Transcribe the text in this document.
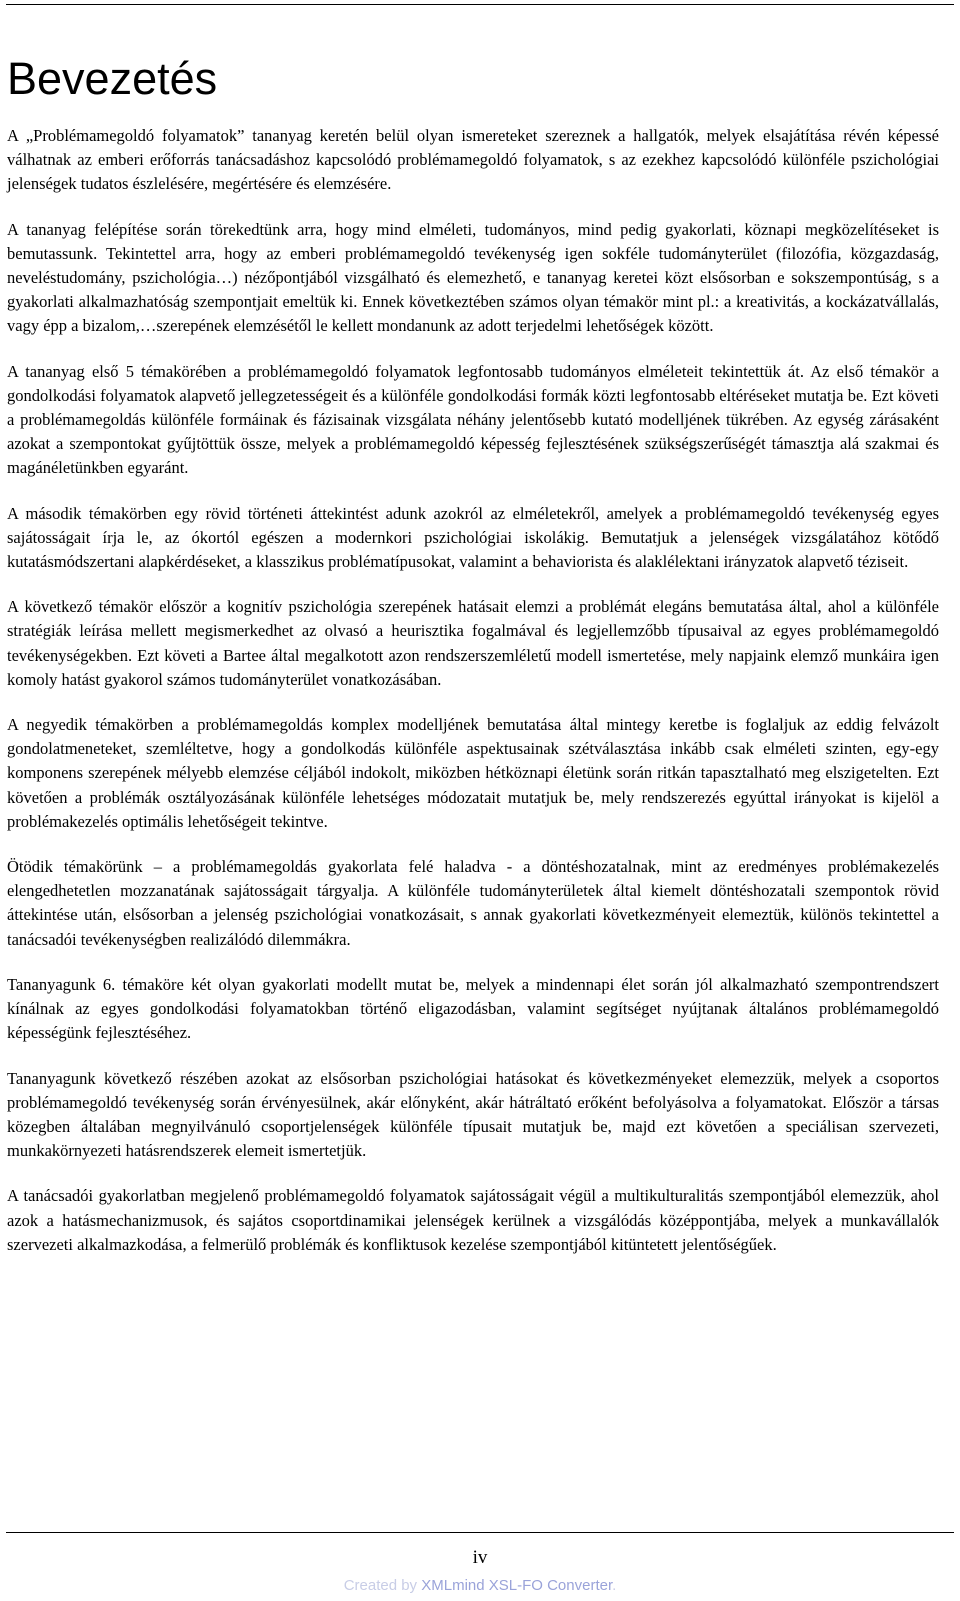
Bevezetés

A „Problémamegoldó folyamatok” tananyag keretén belül olyan ismereteket szereznek a hallgatók, melyek elsajátítása révén képessé válhatnak az emberi erőforrás tanácsadáshoz kapcsolódó problémamegoldó folyamatok, s az ezekhez kapcsolódó különféle pszichológiai jelenségek tudatos észlelésére, megértésére és elemzésére.

A tananyag felépítése során törekedtünk arra, hogy mind elméleti, tudományos, mind pedig gyakorlati, köznapi megközelítéseket is bemutassunk. Tekintettel arra, hogy az emberi problémamegoldó tevékenység igen sokféle tudományterület (filozófia, közgazdaság, neveléstudomány, pszichológia…) nézőpontjából vizsgálható és elemezhető, e tananyag keretei közt elsősorban e sokszempontúság, s a gyakorlati alkalmazhatóság szempontjait emeltük ki. Ennek következtében számos olyan témakör mint pl.: a kreativitás, a kockázatvállalás, vagy épp a bizalom,…szerepének elemzésétől le kellett mondanunk az adott terjedelmi lehetőségek között.

A tananyag első 5 témakörében a problémamegoldó folyamatok legfontosabb tudományos elméleteit tekintettük át. Az első témakör a gondolkodási folyamatok alapvető jellegzetességeit és a különféle gondolkodási formák közti legfontosabb eltéréseket mutatja be. Ezt követi a problémamegoldás különféle formáinak és fázisainak vizsgálata néhány jelentősebb kutató modelljének tükrében. Az egység zárásaként azokat a szempontokat gyűjtöttük össze, melyek a problémamegoldó képesség fejlesztésének szükségszerűségét támasztja alá szakmai és magánéletünkben egyaránt.

A második témakörben egy rövid történeti áttekintést adunk azokról az elméletekről, amelyek a problémamegoldó tevékenység egyes sajátosságait írja le, az ókortól egészen a modernkori pszichológiai iskolákig. Bemutatjuk a jelenségek vizsgálatához kötődő kutatásmódszertani alapkérdéseket, a klasszikus problématípusokat, valamint a behaviorista és alaklélektani irányzatok alapvető téziseit.

A következő témakör először a kognitív pszichológia szerepének hatásait elemzi a problémát elegáns bemutatása által, ahol a különféle stratégiák leírása mellett megismerkedhet az olvasó a heurisztika fogalmával és legjellemzőbb típusaival az egyes problémamegoldó tevékenységekben. Ezt követi a Bartee által megalkotott azon rendszerszemléletű modell ismertetése, mely napjaink elemző munkáira igen komoly hatást gyakorol számos tudományterület vonatkozásában.

A negyedik témakörben a problémamegoldás komplex modelljének bemutatása által mintegy keretbe is foglaljuk az eddig felvázolt gondolatmeneteket, szemléltetve, hogy a gondolkodás különféle aspektusainak szétválasztása inkább csak elméleti szinten, egy-egy komponens szerepének mélyebb elemzése céljából indokolt, miközben hétköznapi életünk során ritkán tapasztalható meg elszigetelten. Ezt követően a problémák osztályozásának különféle lehetséges módozatait mutatjuk be, mely rendszerezés egyúttal irányokat is kijelöl a problémakezelés optimális lehetőségeit tekintve.

Ötödik témakörünk – a problémamegoldás gyakorlata felé haladva - a döntéshozatalnak, mint az eredményes problémakezelés elengedhetetlen mozzanatának sajátosságait tárgyalja. A különféle tudományterületek által kiemelt döntéshozatali szempontok rövid áttekintése után, elsősorban a jelenség pszichológiai vonatkozásait, s annak gyakorlati következményeit elemeztük, különös tekintettel a tanácsadói tevékenységben realizálódó dilemmákra.

Tananyagunk 6. témaköre két olyan gyakorlati modellt mutat be, melyek a mindennapi élet során jól alkalmazható szempontrendszert kínálnak az egyes gondolkodási folyamatokban történő eligazodásban, valamint segítséget nyújtanak általános problémamegoldó képességünk fejlesztéséhez.

Tananyagunk következő részében azokat az elsősorban pszichológiai hatásokat és következményeket elemezzük, melyek a csoportos problémamegoldó tevékenység során érvényesülnek, akár előnyként, akár hátráltató erőként befolyásolva a folyamatokat. Először a társas közegben általában megnyilvánuló csoportjelenségek különféle típusait mutatjuk be, majd ezt követően a speciálisan szervezeti, munkakörnyezeti hatásrendszerek elemeit ismertetjük.

A tanácsadói gyakorlatban megjelenő problémamegoldó folyamatok sajátosságait végül a multikulturalitás szempontjából elemezzük, ahol azok a hatásmechanizmusok, és sajátos csoportdinamikai jelenségek kerülnek a vizsgálódás középpontjába, melyek a munkavállalók szervezeti alkalmazkodása, a felmerülő problémák és konfliktusok kezelése szempontjából kitüntetett jelentőségűek.

iv
Created by XMLmind XSL-FO Converter.
